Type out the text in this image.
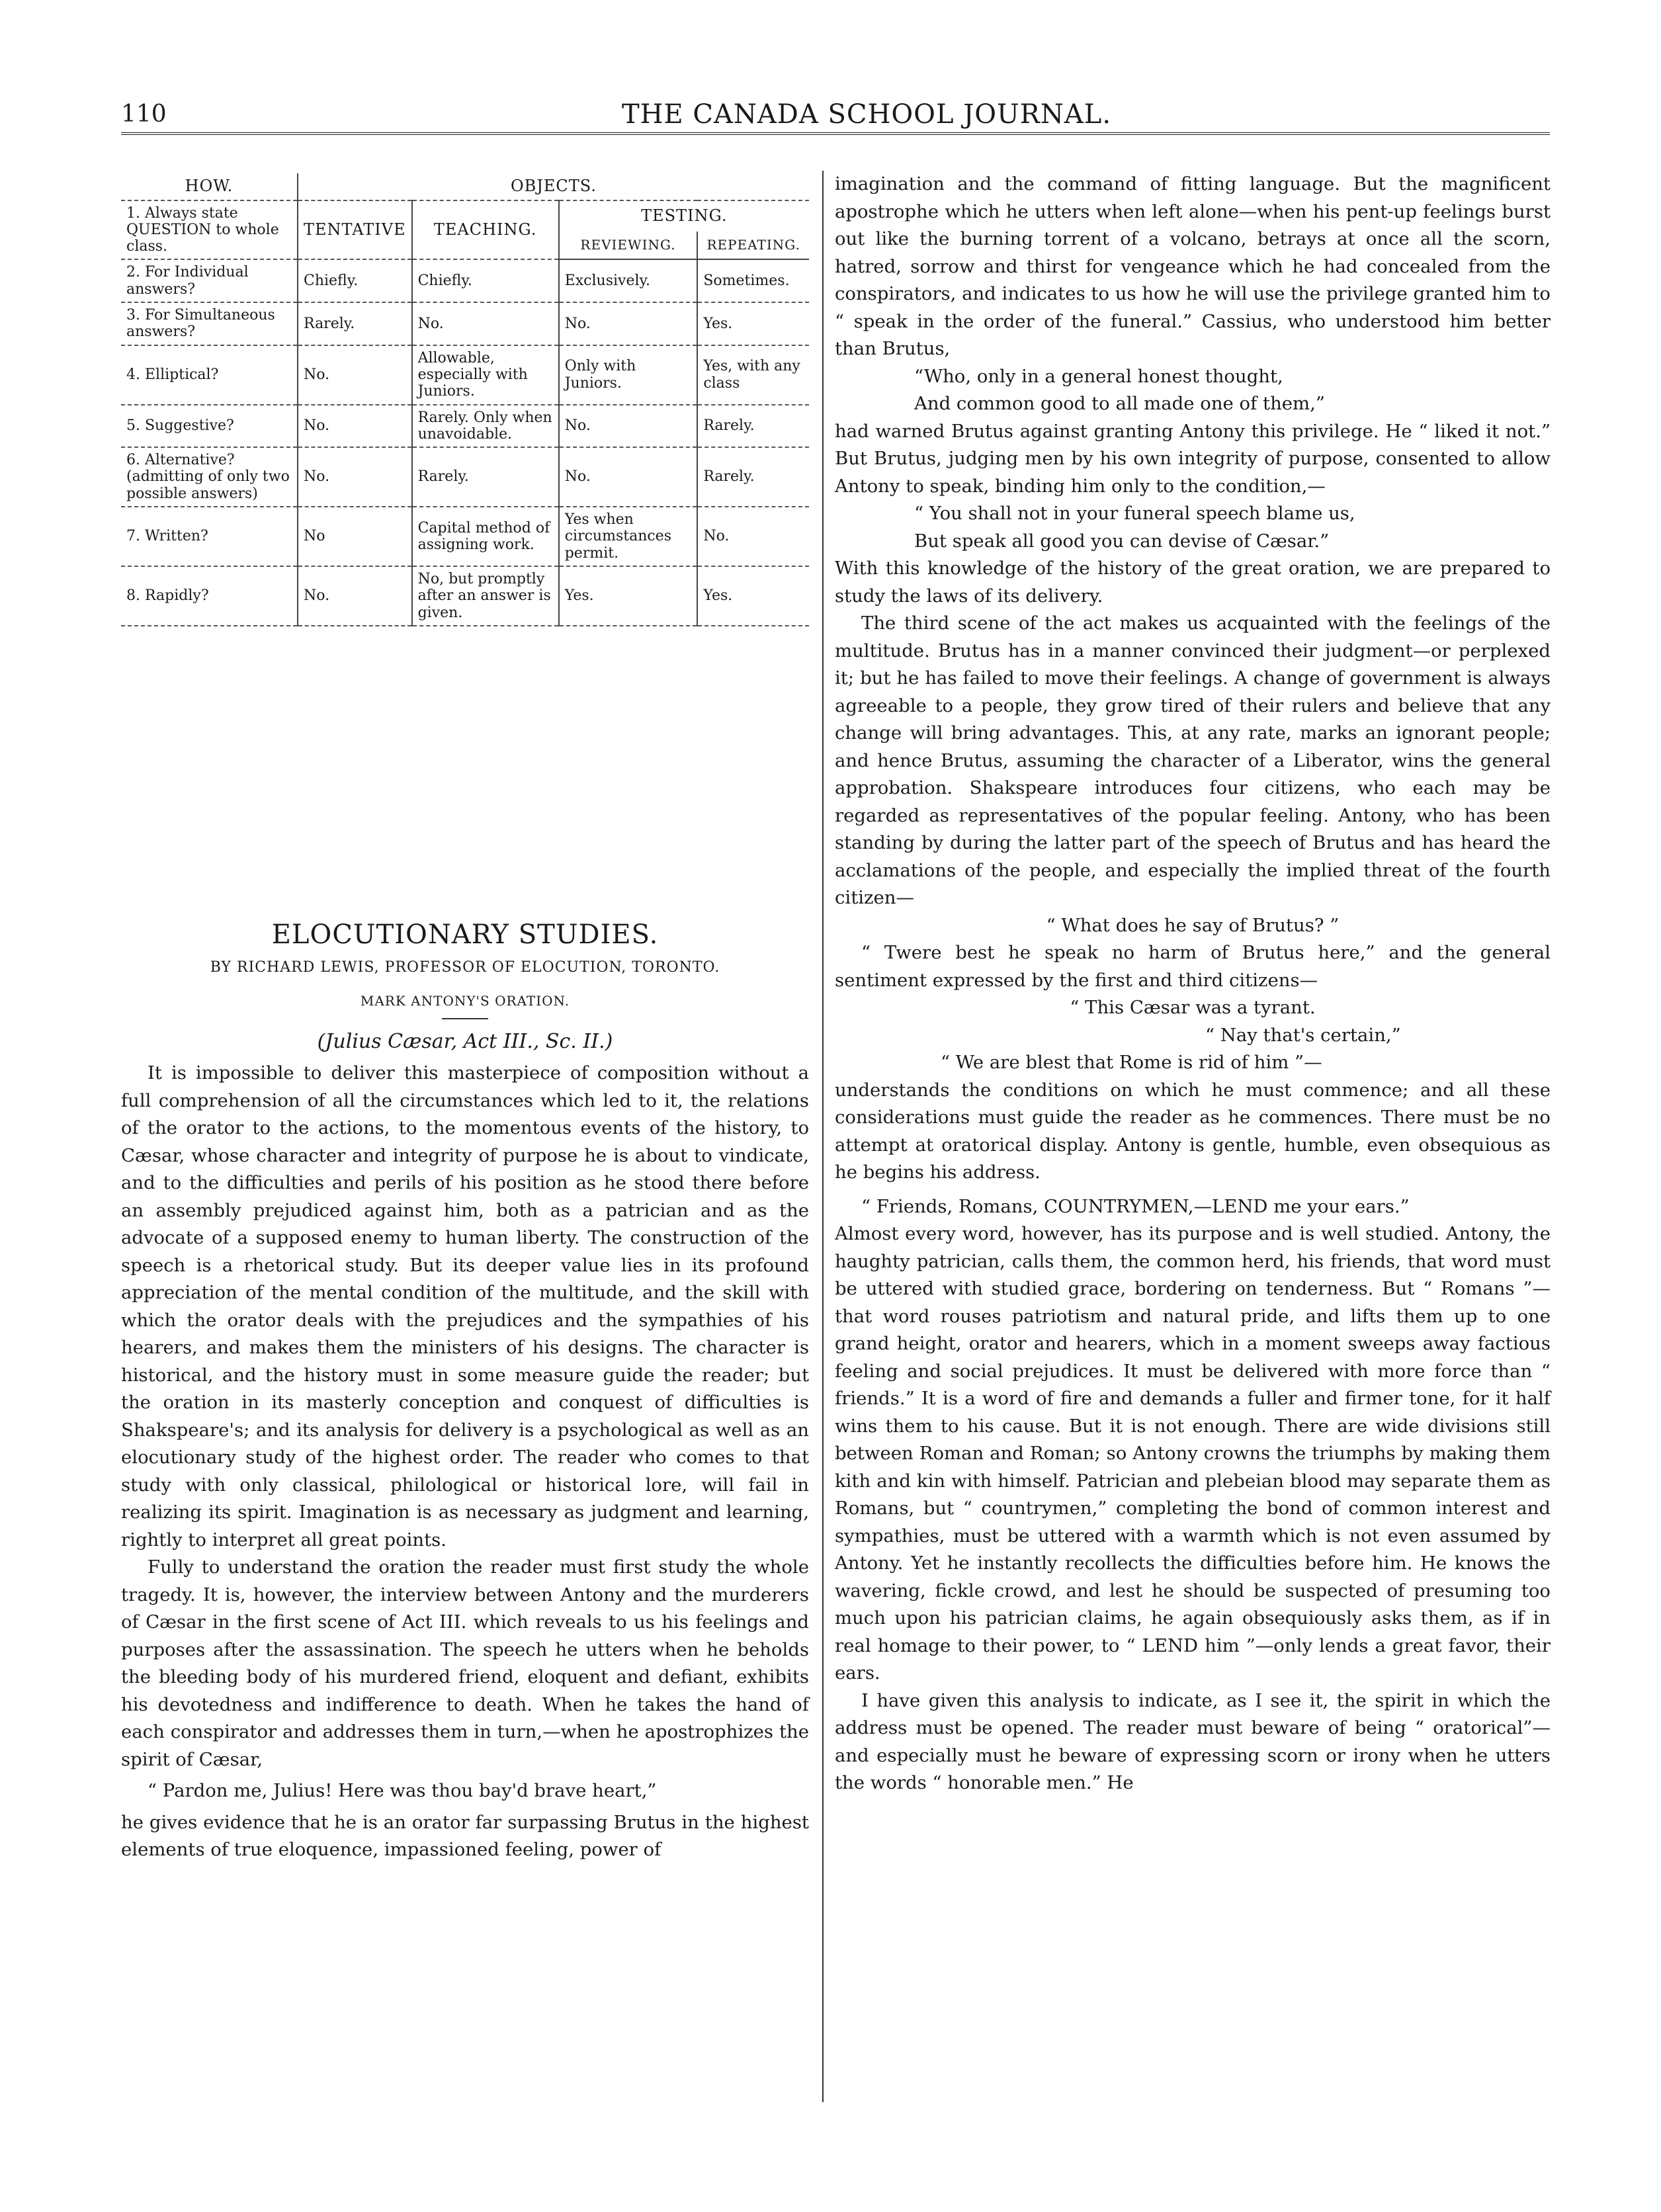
110	THE CANADA SCHOOL JOURNAL.
HOW.	OBJECTS.			
1. Always state QUESTION to whole class.	TENTATIVE	TEACHING.	TESTING.	
			REVIEWING.	REPEATING.
2. For Individual answers?	Chiefly.	Chiefly.	Exclusively.	Sometimes.
3. For Simultaneous answers?	Rarely.	No.	No.	Yes.
4. Elliptical?	No.	Allowable, especially with Juniors.	Only with Juniors.	Yes, with any class
5. Suggestive?	No.	Rarely. Only when unavoidable.	No.	Rarely.
6. Alternative? (admitting of only two possible answers)	No.	Rarely.	No.	Rarely.
7. Written?	No	Capital method of assigning work.	Yes when circumstances permit.	No.
8. Rapidly?	No.	No, but promptly after an answer is given.	Yes.	Yes.
ELOCUTIONARY STUDIES.
BY RICHARD LEWIS, PROFESSOR OF ELOCUTION, TORONTO.
MARK ANTONY'S ORATION.
(Julius Cæsar, Act III., Sc. II.)

It is impossible to deliver this masterpiece of composition without a full comprehension of all the circumstances which led to it, the relations of the orator to the actions, to the momentous events of the history, to Cæsar, whose character and integrity of purpose he is about to vindicate, and to the difficulties and perils of his position as he stood there before an assembly prejudiced against him, both as a patrician and as the advocate of a supposed enemy to human liberty. The construction of the speech is a rhetorical study. But its deeper value lies in its profound appreciation of the mental condition of the multitude, and the skill with which the orator deals with the prejudices and the sympathies of his hearers, and makes them the ministers of his designs. The character is historical, and the history must in some measure guide the reader; but the oration in its masterly conception and conquest of difficulties is Shakspeare's; and its analysis for delivery is a psychological as well as an elocutionary study of the highest order. The reader who comes to that study with only classical, philological or historical lore, will fail in realizing its spirit. Imagination is as necessary as judgment and learning, rightly to interpret all great points.

Fully to understand the oration the reader must first study the whole tragedy. It is, however, the interview between Antony and the murderers of Cæsar in the first scene of Act III. which reveals to us his feelings and purposes after the assassination. The speech he utters when he beholds the bleeding body of his murdered friend, eloquent and defiant, exhibits his devotedness and indifference to death. When he takes the hand of each conspirator and addresses them in turn,—when he apostrophizes the spirit of Cæsar,

“ Pardon me, Julius! Here was thou bay'd brave heart,”

he gives evidence that he is an orator far surpassing Brutus in the highest elements of true eloquence, impassioned feeling, power of

imagination and the command of fitting language. But the magnificent apostrophe which he utters when left alone—when his pent-up feelings burst out like the burning torrent of a volcano, betrays at once all the scorn, hatred, sorrow and thirst for vengeance which he had concealed from the conspirators, and indicates to us how he will use the privilege granted him to “ speak in the order of the funeral.” Cassius, who understood him better than Brutus,

“Who, only in a general honest thought,

And common good to all made one of them,”

had warned Brutus against granting Antony this privilege. He “ liked it not.” But Brutus, judging men by his own integrity of purpose, consented to allow Antony to speak, binding him only to the condition,—

“ You shall not in your funeral speech blame us,

But speak all good you can devise of Cæsar.”

With this knowledge of the history of the great oration, we are prepared to study the laws of its delivery.

The third scene of the act makes us acquainted with the feelings of the multitude. Brutus has in a manner convinced their judgment—or perplexed it; but he has failed to move their feelings. A change of government is always agreeable to a people, they grow tired of their rulers and believe that any change will bring advantages. This, at any rate, marks an ignorant people; and hence Brutus, assuming the character of a Liberator, wins the general approbation. Shakspeare introduces four citizens, who each may be regarded as representatives of the popular feeling. Antony, who has been standing by during the latter part of the speech of Brutus and has heard the acclamations of the people, and especially the implied threat of the fourth citizen—

“ What does he say of Brutus? ”

“ Twere best he speak no harm of Brutus here,” and the general sentiment expressed by the first and third citizens—

“ This Cæsar was a tyrant.

“ Nay that's certain,”

“ We are blest that Rome is rid of him ”—

understands the conditions on which he must commence; and all these considerations must guide the reader as he commences. There must be no attempt at oratorical display. Antony is gentle, humble, even obsequious as he begins his address.

“ Friends, Romans, COUNTRYMEN,—LEND me your ears.”

Almost every word, however, has its purpose and is well studied. Antony, the haughty patrician, calls them, the common herd, his friends, that word must be uttered with studied grace, bordering on tenderness. But “ Romans ”—that word rouses patriotism and natural pride, and lifts them up to one grand height, orator and hearers, which in a moment sweeps away factious feeling and social prejudices. It must be delivered with more force than “ friends.” It is a word of fire and demands a fuller and firmer tone, for it half wins them to his cause. But it is not enough. There are wide divisions still between Roman and Roman; so Antony crowns the triumphs by making them kith and kin with himself. Patrician and plebeian blood may separate them as Romans, but “ countrymen,” completing the bond of common interest and sympathies, must be uttered with a warmth which is not even assumed by Antony. Yet he instantly recollects the difficulties before him. He knows the wavering, fickle crowd, and lest he should be suspected of presuming too much upon his patrician claims, he again obsequiously asks them, as if in real homage to their power, to “ LEND him ”—only lends a great favor, their ears.

I have given this analysis to indicate, as I see it, the spirit in which the address must be opened. The reader must beware of being “ oratorical”—and especially must he beware of expressing scorn or irony when he utters the words “ honorable men.” He
